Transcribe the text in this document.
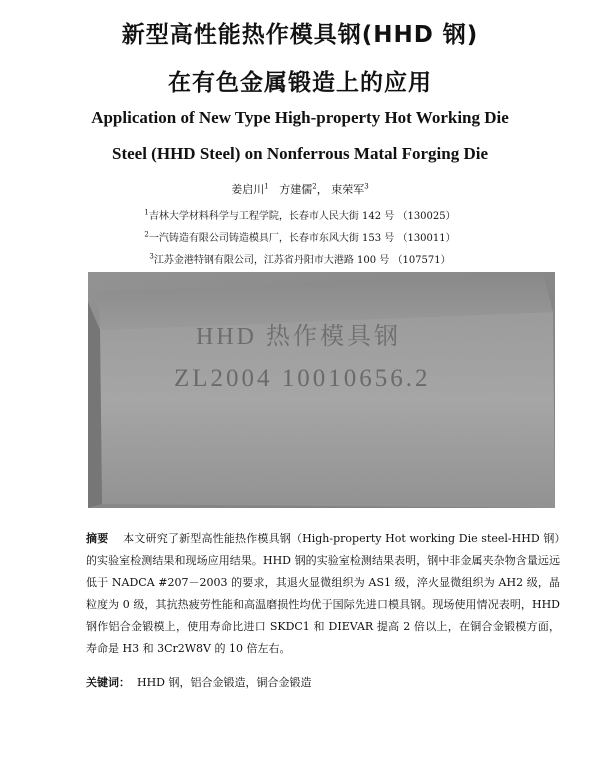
新型高性能热作模具钢(HHD 钢)
在有色金属锻造上的应用
Application of New Type High-property Hot Working Die
Steel (HHD Steel) on Nonferrous Matal Forging Die
姜启川$^1$ 方建儒$^2$， 束荣军$^3$
$^1$吉林大学材料科学与工程学院，长春市人民大街 142 号 （130025）
$^2$一汽铸造有限公司铸造模具厂，长春市东风大街 153 号 （130011）
$^3$江苏金港特钢有限公司，江苏省丹阳市大港路 100 号 （107571）
HHD 热作模具钢
ZL2004 10010656.2
摘要 本文研究了新型高性能热作模具钢（High-property Hot working Die steel-HHD 钢）的实验室检测结果和现场应用结果。HHD 钢的实验室检测结果表明，钢中非金属夹杂物含量远远低于 NADCA #207－2003 的要求，其退火显微组织为 AS1 级，淬火显微组织为 AH2 级，晶粒度为 0 级，其抗热疲劳性能和高温磨损性均优于国际先进口模具钢。现场使用情况表明，HHD 钢作铝合金锻模上，使用寿命比进口 SKDC1 和 DIEVAR 提高 2 倍以上，在铜合金锻模方面，寿命是 H3 和 3Cr2W8V 的 10 倍左右。
关键词： HHD 钢，铝合金锻造，铜合金锻造
